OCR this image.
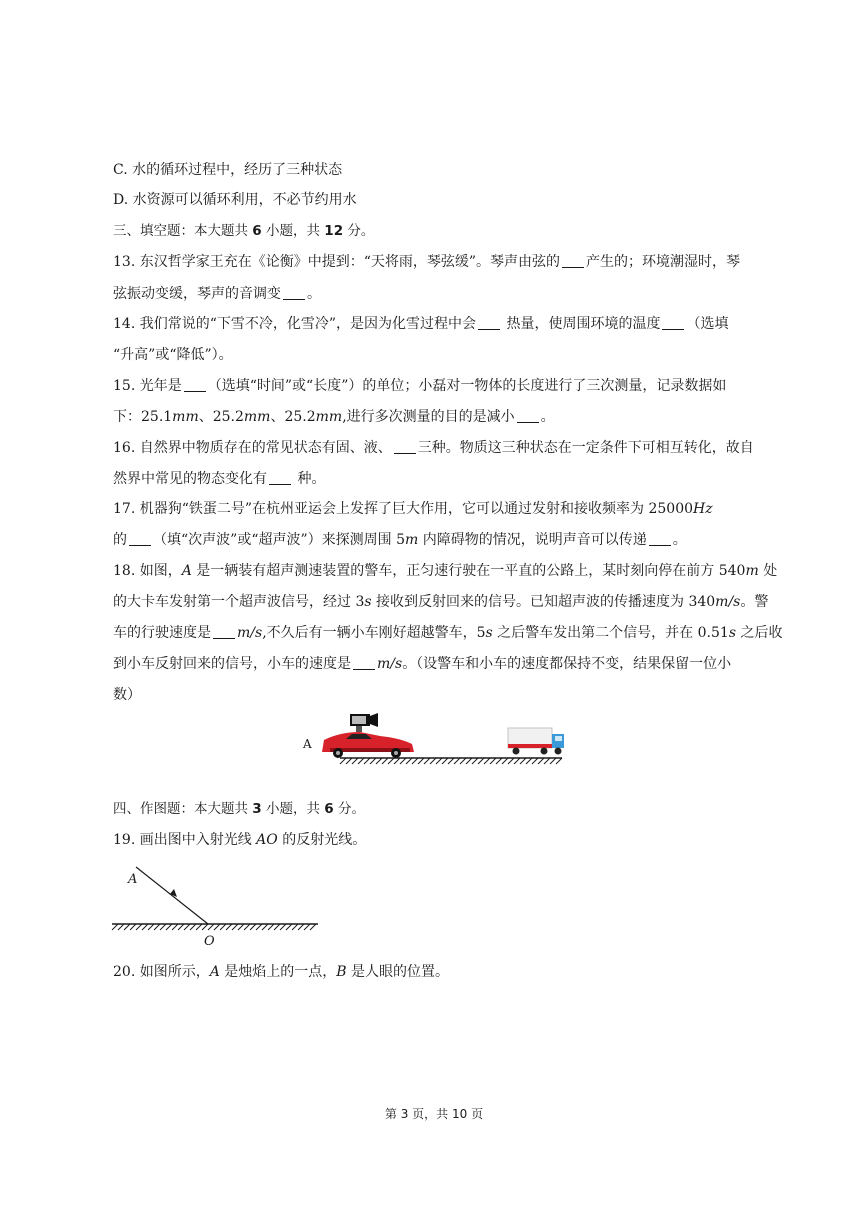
C. 水的循环过程中，经历了三种状态
D. 水资源可以循环利用，不必节约用水
三、填空题：本大题共 6 小题，共 12 分。
13. 东汉哲学家王充在《论衡》中提到：“天将雨，琴弦缓”。琴声由弦的 产生的；环境潮湿时，琴
弦振动变缓，琴声的音调变 。
14. 我们常说的“下雪不冷，化雪冷”，是因为化雪过程中会 热量，使周围环境的温度 （选填
“升高”或“降低”）。
15. 光年是 （选填“时间”或“长度”）的单位；小磊对一物体的长度进行了三次测量，记录数据如
下：25.1mm、25.2mm、25.2mm,进行多次测量的目的是减小 。
16. 自然界中物质存在的常见状态有固、液、 三种。物质这三种状态在一定条件下可相互转化，故自
然界中常见的物态变化有 种。
17. 机器狗“铁蛋二号”在杭州亚运会上发挥了巨大作用，它可以通过发射和接收频率为 25000Hz
的 （填“次声波”或“超声波”）来探测周围 5m 内障碍物的情况，说明声音可以传递 。
18. 如图，A 是一辆装有超声测速装置的警车，正匀速行驶在一平直的公路上，某时刻向停在前方 540m 处
的大卡车发射第一个超声波信号，经过 3s 接收到反射回来的信号。已知超声波的传播速度为 340m/s。警
车的行驶速度是 m/s,不久后有一辆小车刚好超越警车，5s 之后警车发出第二个信号，并在 0.51s 之后收
到小车反射回来的信号，小车的速度是 m/s。（设警车和小车的速度都保持不变，结果保留一位小
数）
A
四、作图题：本大题共 3 小题，共 6 分。
19. 画出图中入射光线 AO 的反射光线。
A
O
20. 如图所示，A 是烛焰上的一点，B 是人眼的位置。
第 3 页，共 10 页
